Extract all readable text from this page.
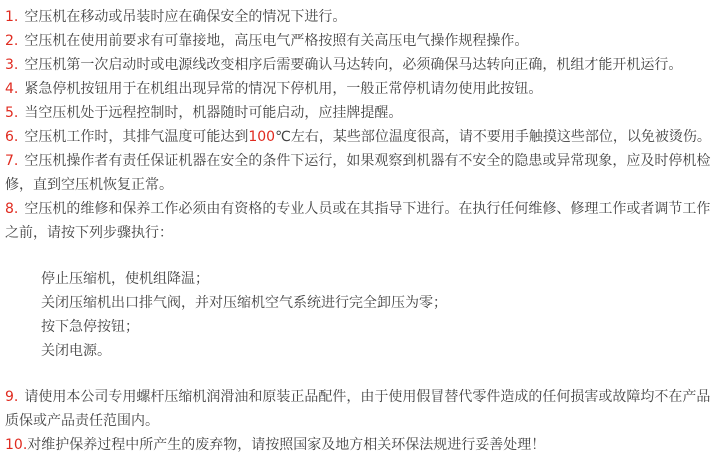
1. 空压机在移动或吊装时应在确保安全的情况下进行。

2. 空压机在使用前要求有可靠接地，高压电气严格按照有关高压电气操作规程操作。

3. 空压机第一次启动时或电源线改变相序后需要确认马达转向，必须确保马达转向正确，机组才能开机运行。

4. 紧急停机按钮用于在机组出现异常的情况下停机用，一般正常停机请勿使用此按钮。

5. 当空压机处于远程控制时，机器随时可能启动，应挂牌提醒。

6. 空压机工作时，其排气温度可能达到100℃左右，某些部位温度很高，请不要用手触摸这些部位，以免被烫伤。

7. 空压机操作者有责任保证机器在安全的条件下运行，如果观察到机器有不安全的隐患或异常现象，应及时停机检修，直到空压机恢复正常。

8. 空压机的维修和保养工作必须由有资格的专业人员或在其指导下进行。在执行任何维修、修理工作或者调节工作之前，请按下列步骤执行：

停止压缩机，使机组降温；

关闭压缩机出口排气阀，并对压缩机空气系统进行完全卸压为零；

按下急停按钮；

关闭电源。

9. 请使用本公司专用螺杆压缩机润滑油和原装正品配件，由于使用假冒替代零件造成的任何损害或故障均不在产品质保或产品责任范围内。

10.对维护保养过程中所产生的废弃物，请按照国家及地方相关环保法规进行妥善处理！
